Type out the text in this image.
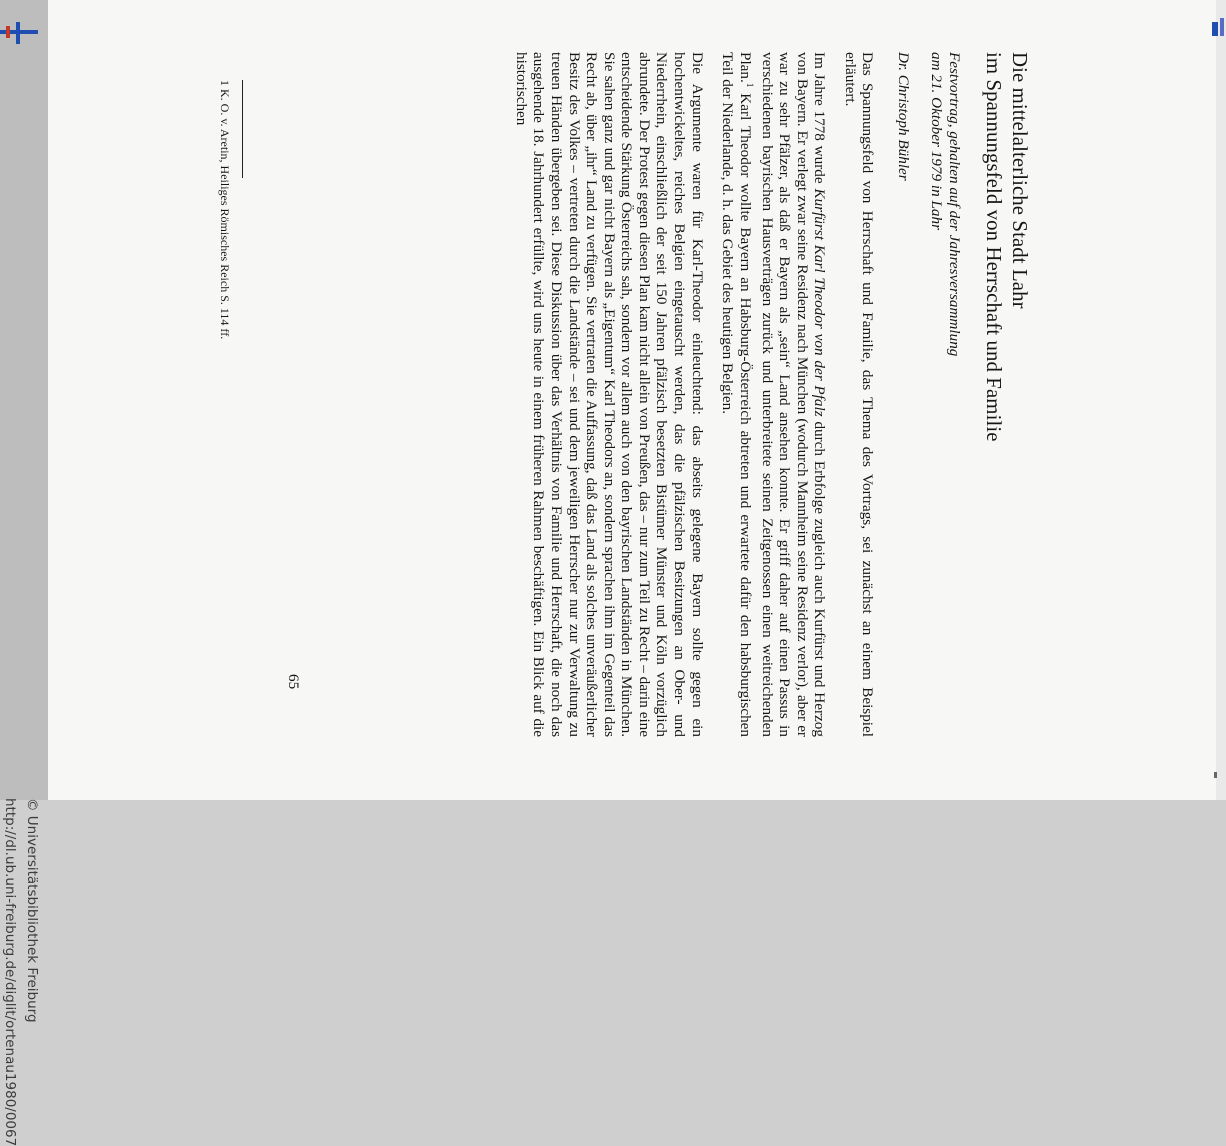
© Universitätsbibliothek Freiburg
http://dl.ub.uni-freiburg.de/diglit/ortenau1980/0067
Die mittelalterliche Stadt Lahr
im Spannungsfeld von Herrschaft und Familie
Festvortrag, gehalten auf der Jahresversammlung
am 21. Oktober 1979 in Lahr
Dr. Christoph Bühler

Das Spannungsfeld von Herrschaft und Familie, das Thema des Vortrags, sei zunächst an einem Beispiel erläutert.

Im Jahre 1778 wurde Kurfürst Karl Theodor von der Pfalz durch Erbfolge zugleich auch Kurfürst und Herzog von Bayern. Er verlegt zwar seine Residenz nach München (wodurch Mannheim seine Residenz verlor), aber er war zu sehr Pfälzer, als daß er Bayern als „sein“ Land ansehen konnte. Er griff daher auf einen Passus in verschiedenen bayrischen Hausverträgen zurück und unterbreitete seinen Zeitgenossen einen weitreichenden Plan.$^1$ Karl Theodor wollte Bayern an Habsburg-Österreich abtreten und erwartete dafür den habsburgischen Teil der Niederlande, d. h. das Gebiet des heutigen Belgien.

Die Argumente waren für Karl-Theodor einleuchtend: das abseits gelegene Bayern sollte gegen ein hochentwickeltes, reiches Belgien eingetauscht werden, das die pfälzischen Besitzungen an Ober- und Niederrhein, einschließlich der seit 150 Jahren pfälzisch besetzten Bistümer Münster und Köln vorzüglich abrundete. Der Protest gegen diesen Plan kam nicht allein von Preußen, das – nur zum Teil zu Recht – darin eine entscheidende Stärkung Österreichs sah, sondern vor allem auch von den bayrischen Landständen in München. Sie sahen ganz und gar nicht Bayern als „Eigentum“ Karl Theodors an, sondern sprachen ihm im Gegenteil das Recht ab, über „ihr“ Land zu verfügen. Sie vertraten die Auffassung, daß das Land als solches unveräußerlicher Besitz des Volkes – vertreten durch die Landstände – sei und dem jeweiligen Herrscher nur zur Verwaltung zu treuen Händen übergeben sei. Diese Diskussion über das Verhältnis von Familie und Herrschaft, die noch das ausgehende 18. Jahrhundert erfüllte, wird uns heute in einem früheren Rahmen beschäftigen. Ein Blick auf die historischen

65
1 K. O. v. Aretin, Heiliges Römisches Reich S. 114 ff.
